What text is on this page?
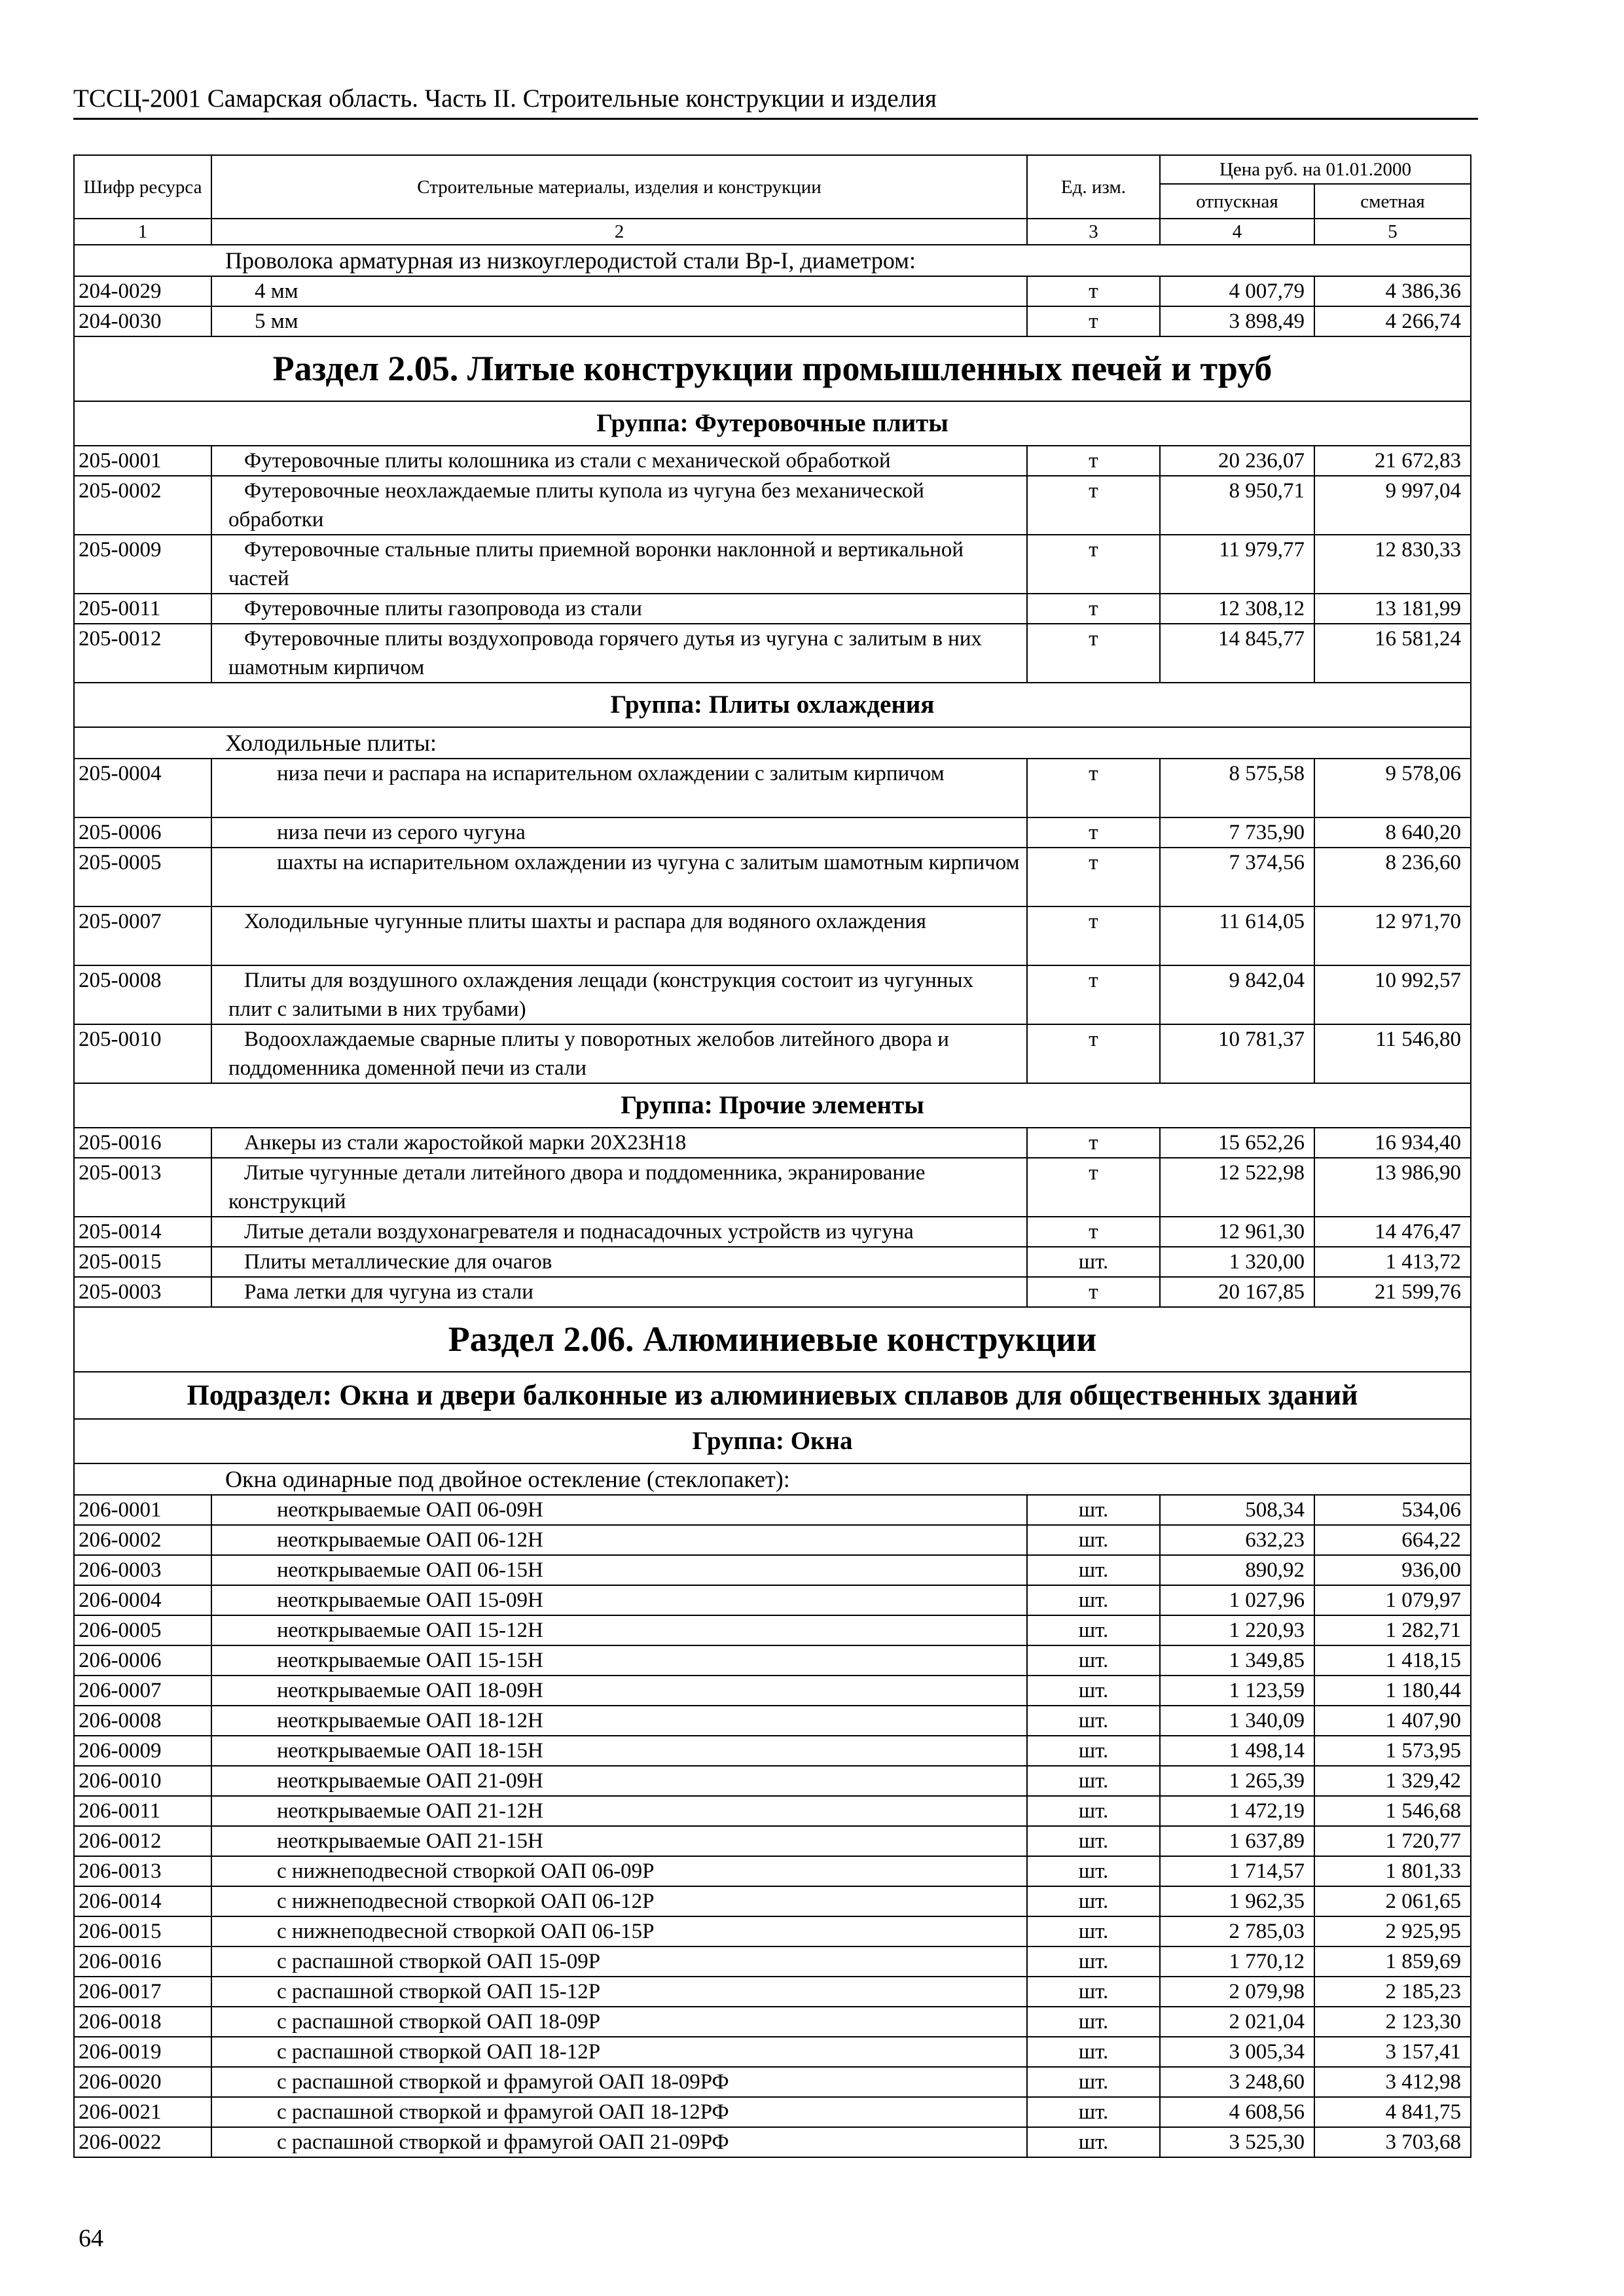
ТССЦ-2001 Самарская область. Часть II. Строительные конструкции и изделия
Шифр ресурса	Строительные материалы, изделия и конструкции	Ед. изм.	Цена руб. на 01.01.2000	
			отпускная	сметная
1	2	3	4	5
Проволока арматурная из низкоуглеродистой стали Вр-I, диаметром:				
204-0029	4 мм	т	4 007,79	4 386,36
204-0030	5 мм	т	3 898,49	4 266,74
Раздел 2.05. Литые конструкции промышленных печей и труб				
Группа: Футеровочные плиты				
205-0001	Футеровочные плиты колошника из стали с механической обработкой	т	20 236,07	21 672,83
205-0002	Футеровочные неохлаждаемые плиты купола из чугуна без механической обработки	т	8 950,71	9 997,04
205-0009	Футеровочные стальные плиты приемной воронки наклонной и вертикальной частей	т	11 979,77	12 830,33
205-0011	Футеровочные плиты газопровода из стали	т	12 308,12	13 181,99
205-0012	Футеровочные плиты воздухопровода горячего дутья из чугуна с залитым в них шамотным кирпичом	т	14 845,77	16 581,24
Группа: Плиты охлаждения				
Холодильные плиты:				
205-0004	низа печи и распара на испарительном охлаждении с залитым кирпичом	т	8 575,58	9 578,06
205-0006	низа печи из серого чугуна	т	7 735,90	8 640,20
205-0005	шахты на испарительном охлаждении из чугуна с залитым шамотным кирпичом	т	7 374,56	8 236,60
205-0007	Холодильные чугунные плиты шахты и распара для водяного охлаждения	т	11 614,05	12 971,70
205-0008	Плиты для воздушного охлаждения лещади (конструкция состоит из чугунных плит с залитыми в них трубами)	т	9 842,04	10 992,57
205-0010	Водоохлаждаемые сварные плиты у поворотных желобов литейного двора и поддоменника доменной печи из стали	т	10 781,37	11 546,80
Группа: Прочие элементы				
205-0016	Анкеры из стали жаростойкой марки 20Х23Н18	т	15 652,26	16 934,40
205-0013	Литые чугунные детали литейного двора и поддоменника, экранирование конструкций	т	12 522,98	13 986,90
205-0014	Литые детали воздухонагревателя и поднасадочных устройств из чугуна	т	12 961,30	14 476,47
205-0015	Плиты металлические для очагов	шт.	1 320,00	1 413,72
205-0003	Рама летки для чугуна из стали	т	20 167,85	21 599,76
Раздел 2.06. Алюминиевые конструкции				
Подраздел: Окна и двери балконные из алюминиевых сплавов для общественных зданий				
Группа: Окна				
Окна одинарные под двойное остекление (стеклопакет):				
206-0001	неоткрываемые ОАП 06-09Н	шт.	508,34	534,06
206-0002	неоткрываемые ОАП 06-12Н	шт.	632,23	664,22
206-0003	неоткрываемые ОАП 06-15Н	шт.	890,92	936,00
206-0004	неоткрываемые ОАП 15-09Н	шт.	1 027,96	1 079,97
206-0005	неоткрываемые ОАП 15-12Н	шт.	1 220,93	1 282,71
206-0006	неоткрываемые ОАП 15-15Н	шт.	1 349,85	1 418,15
206-0007	неоткрываемые ОАП 18-09Н	шт.	1 123,59	1 180,44
206-0008	неоткрываемые ОАП 18-12Н	шт.	1 340,09	1 407,90
206-0009	неоткрываемые ОАП 18-15Н	шт.	1 498,14	1 573,95
206-0010	неоткрываемые ОАП 21-09Н	шт.	1 265,39	1 329,42
206-0011	неоткрываемые ОАП 21-12Н	шт.	1 472,19	1 546,68
206-0012	неоткрываемые ОАП 21-15Н	шт.	1 637,89	1 720,77
206-0013	с нижнеподвесной створкой ОАП 06-09Р	шт.	1 714,57	1 801,33
206-0014	с нижнеподвесной створкой ОАП 06-12Р	шт.	1 962,35	2 061,65
206-0015	с нижнеподвесной створкой ОАП 06-15Р	шт.	2 785,03	2 925,95
206-0016	с распашной створкой ОАП 15-09Р	шт.	1 770,12	1 859,69
206-0017	с распашной створкой ОАП 15-12Р	шт.	2 079,98	2 185,23
206-0018	с распашной створкой ОАП 18-09Р	шт.	2 021,04	2 123,30
206-0019	с распашной створкой ОАП 18-12Р	шт.	3 005,34	3 157,41
206-0020	с распашной створкой и фрамугой ОАП 18-09РФ	шт.	3 248,60	3 412,98
206-0021	с распашной створкой и фрамугой ОАП 18-12РФ	шт.	4 608,56	4 841,75
206-0022	с распашной створкой и фрамугой ОАП 21-09РФ	шт.	3 525,30	3 703,68
64
